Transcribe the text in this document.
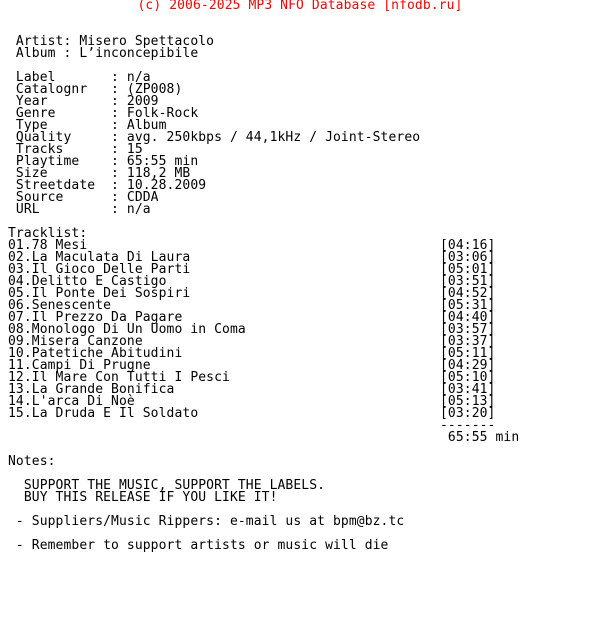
(c) 2006-2025 MP3 NFO Database [nfodb.ru]
Artist: Misero Spettacolo
Album : L’inconcepibile
Label       : n/a
Catalognr   : (ZP008)
Year        : 2009
Genre       : Folk-Rock
Type        : Album
Quality     : avg. 250kbps / 44,1kHz / Joint-Stereo
Tracks      : 15
Playtime    : 65:55 min
Size        : 118,2 MB
Streetdate  : 10.28.2009
Source      : CDDA
URL         : n/a
Tracklist:
01.78 Mesi	[04:16]
02.La Maculata Di Laura	[03:06]
03.Il Gioco Delle Parti	[05:01]
04.Delitto E Castigo	[03:51]
05.Il Ponte Dei Sospiri	[04:52]
06.Senescente	[05:31]
07.Il Prezzo Da Pagare	[04:40]
08.Monologo Di Un Uomo in Coma	[03:57]
09.Misera Canzone	[03:37]
10.Patetiche Abitudini	[05:11]
11.Campi Di Prugne	[04:29]
12.Il Mare Con Tutti I Pesci	[05:10]
13.La Grande Bonifica	[03:41]
14.L'arca Di Noè	[05:13]
15.La Druda E Il Soldato	[03:20]
-------
65:55 min
Notes:
SUPPORT THE MUSIC, SUPPORT THE LABELS.
BUY THIS RELEASE IF YOU LIKE IT!
- Suppliers/Music Rippers: e-mail us at bpm@bz.tc
- Remember to support artists or music will die
